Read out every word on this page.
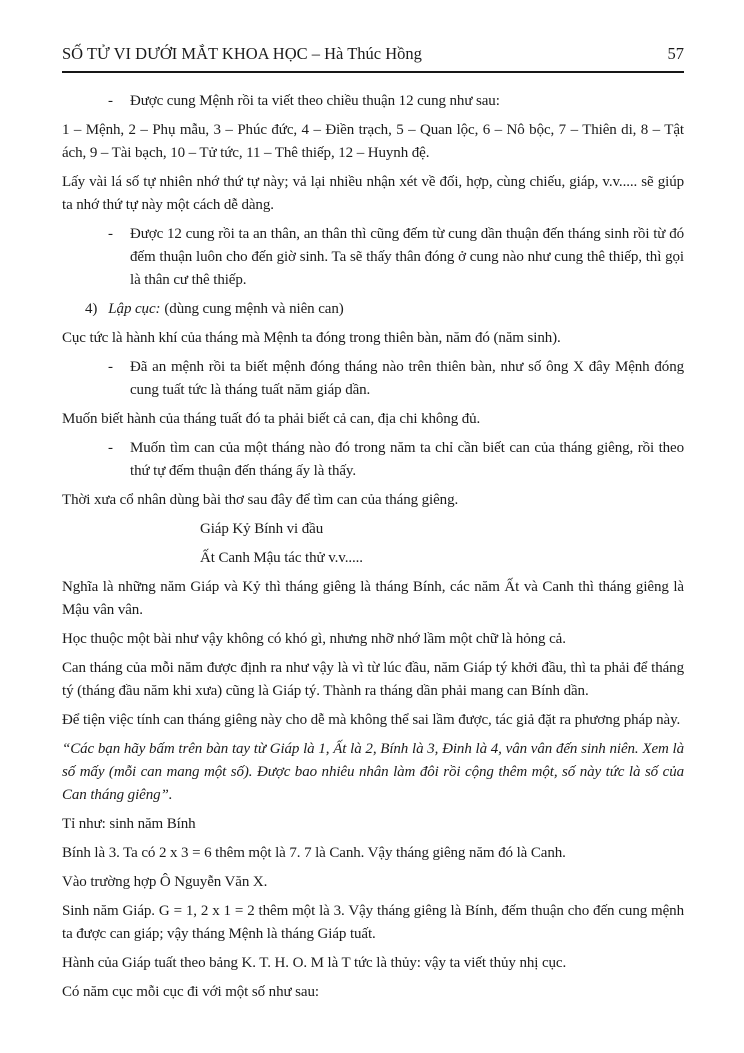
SỐ TỬ VI DƯỚI MẮT KHOA HỌC – Hà Thúc Hồng	57
- Được cung Mệnh rồi ta viết theo chiều thuận 12 cung như sau:

1 – Mệnh, 2 – Phụ mẫu, 3 – Phúc đức, 4 – Điền trạch, 5 – Quan lộc, 6 – Nô bộc, 7 – Thiên di, 8 – Tật ách, 9 – Tài bạch, 10 – Tử tức, 11 – Thê thiếp, 12 – Huynh đệ.

Lấy vài lá số tự nhiên nhớ thứ tự này; vả lại nhiều nhận xét về đối, hợp, cùng chiếu, giáp, v.v..... sẽ giúp ta nhớ thứ tự này một cách dễ dàng.

- Được 12 cung rồi ta an thân, an thân thì cũng đếm từ cung dần thuận đến tháng sinh rồi từ đó đếm thuận luôn cho đến giờ sinh. Ta sẽ thấy thân đóng ở cung nào như cung thê thiếp, thì gọi là thân cư thê thiếp.
4) Lập cục: (dùng cung mệnh và niên can)

Cục tức là hành khí của tháng mà Mệnh ta đóng trong thiên bàn, năm đó (năm sinh).

- Đã an mệnh rồi ta biết mệnh đóng tháng nào trên thiên bàn, như số ông X đây Mệnh đóng cung tuất tức là tháng tuất năm giáp dần.

Muốn biết hành của tháng tuất đó ta phải biết cả can, địa chi không đủ.

- Muốn tìm can của một tháng nào đó trong năm ta chỉ cần biết can của tháng giêng, rồi theo thứ tự đếm thuận đến tháng ấy là thấy.

Thời xưa cổ nhân dùng bài thơ sau đây để tìm can của tháng giêng.

Giáp Kỷ Bính vi đầu

Ất Canh Mậu tác thử v.v.....

Nghĩa là những năm Giáp và Kỷ thì tháng giêng là tháng Bính, các năm Ất và Canh thì tháng giêng là Mậu vân vân.

Học thuộc một bài như vậy không có khó gì, nhưng nhỡ nhớ lầm một chữ là hỏng cả.

Can tháng của mỗi năm được định ra như vậy là vì từ lúc đầu, năm Giáp tý khởi đầu, thì ta phải để tháng tý (tháng đầu năm khi xưa) cũng là Giáp tý. Thành ra tháng dần phải mang can Bính dần.

Để tiện việc tính can tháng giêng này cho dễ mà không thể sai lầm được, tác giả đặt ra phương pháp này.

“Các bạn hãy bấm trên bàn tay từ Giáp là 1, Ất là 2, Bính là 3, Đinh là 4, vân vân đến sinh niên. Xem là số mấy (mỗi can mang một số). Được bao nhiêu nhân làm đôi rồi cộng thêm một, số này tức là số của Can tháng giêng”.

Tỉ như: sinh năm Bính

Bính là 3. Ta có 2 x 3 = 6 thêm một là 7. 7 là Canh. Vậy tháng giêng năm đó là Canh.

Vào trường hợp Ô Nguyễn Văn X.

Sinh năm Giáp. G = 1, 2 x 1 = 2 thêm một là 3. Vậy tháng giêng là Bính, đếm thuận cho đến cung mệnh ta được can giáp; vậy tháng Mệnh là tháng Giáp tuất.

Hành của Giáp tuất theo bảng K. T. H. O. M là T tức là thủy: vậy ta viết thủy nhị cục.

Có năm cục mỗi cục đi với một số như sau:
